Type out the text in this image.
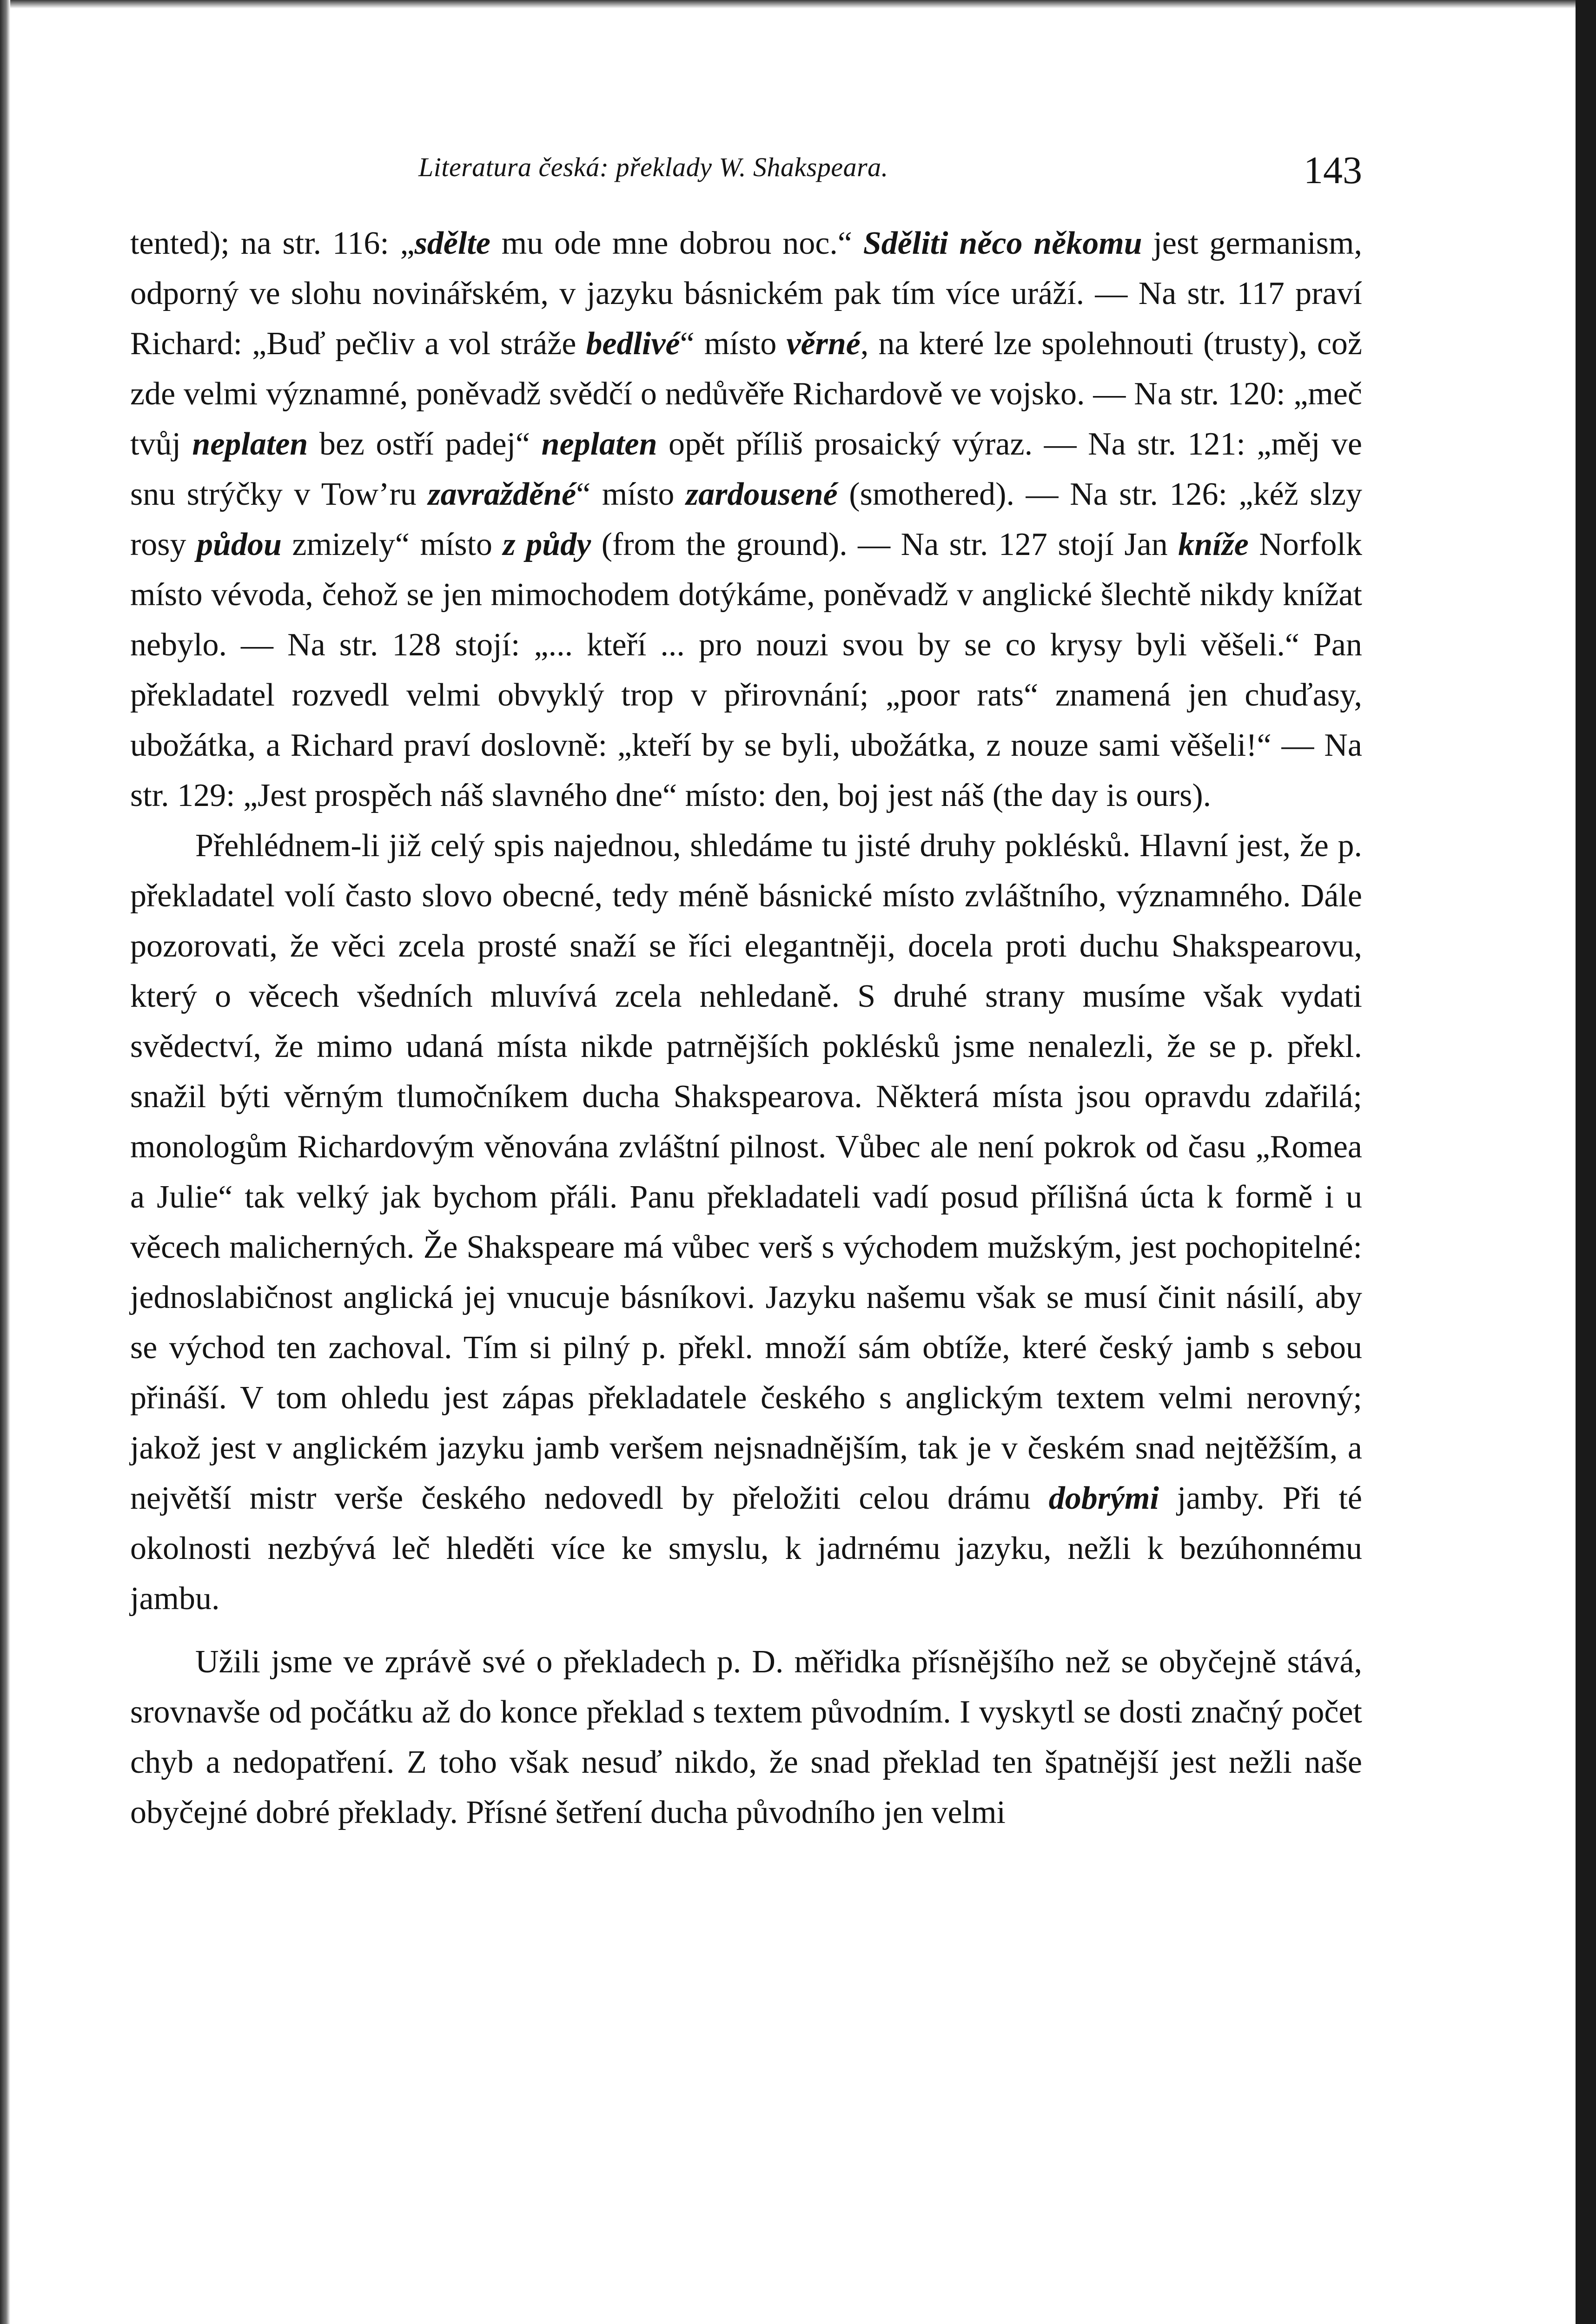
Literatura česká: překlady W. Shakspeara.	143

tented); na str. 116: „sdělte mu ode mne dobrou noc.“ Sděliti něco někomu jest germanism, odporný ve slohu novinářském, v jazyku básnickém pak tím více uráží. — Na str. 117 praví Richard: „Buď pečliv a vol stráže bedlivé“ místo věrné, na které lze spolehnouti (trusty), což zde velmi významné, poněvadž svědčí o nedůvěře Richardově ve vojsko. — Na str. 120: „meč tvůj neplaten bez ostří padej“ neplaten opět příliš prosaický výraz. — Na str. 121: „měj ve snu strýčky v Tow’ru zavražděné“ místo zardousené (smothered). — Na str. 126: „kéž slzy rosy půdou zmizely“ místo z půdy (from the ground). — Na str. 127 stojí Jan kníže Norfolk místo vévoda, čehož se jen mimochodem dotýkáme, poněvadž v anglické šlechtě nikdy knížat nebylo. — Na str. 128 stojí: „... kteří ... pro nouzi svou by se co krysy byli věšeli.“ Pan překladatel rozvedl velmi obvyklý trop v přirovnání; „poor rats“ znamená jen chuďasy, ubožátka, a Richard praví doslovně: „kteří by se byli, ubožátka, z nouze sami věšeli!“ — Na str. 129: „Jest prospěch náš slavného dne“ místo: den, boj jest náš (the day is ours).

Přehlédnem-li již celý spis najednou, shledáme tu jisté druhy poklésků. Hlavní jest, že p. překladatel volí často slovo obecné, tedy méně básnické místo zvláštního, významného. Dále pozorovati, že věci zcela prosté snaží se říci elegantněji, docela proti duchu Shakspearovu, který o věcech všedních mluvívá zcela nehledaně. S druhé strany musíme však vydati svědectví, že mimo udaná místa nikde patrnějších poklésků jsme nenalezli, že se p. překl. snažil býti věrným tlumočníkem ducha Shakspearova. Některá místa jsou opravdu zdařilá; monologům Richardovým věnována zvláštní pilnost. Vůbec ale není pokrok od času „Romea a Julie“ tak velký jak bychom přáli. Panu překladateli vadí posud přílišná úcta k formě i u věcech malicherných. Že Shakspeare má vůbec verš s východem mužským, jest pochopitelné: jednoslabičnost anglická jej vnucuje básníkovi. Jazyku našemu však se musí činit násilí, aby se východ ten zachoval. Tím si pilný p. překl. množí sám obtíže, které český jamb s sebou přináší. V tom ohledu jest zápas překladatele českého s anglickým textem velmi nerovný; jakož jest v anglickém jazyku jamb veršem nejsnadnějším, tak je v českém snad nejtěžším, a největší mistr verše českého nedovedl by přeložiti celou drámu dobrými jamby. Při té okolnosti nezbývá leč hleděti více ke smyslu, k jadrnému jazyku, nežli k bezúhonnému jambu.

Užili jsme ve zprávě své o překladech p. D. měřidka přísnějšího než se obyčejně stává, srovnavše od počátku až do konce překlad s textem původním. I vyskytl se dosti značný počet chyb a nedopatření. Z toho však nesuď nikdo, že snad překlad ten špatnější jest nežli naše obyčejné dobré překlady. Přísné šetření ducha původního jen velmi
